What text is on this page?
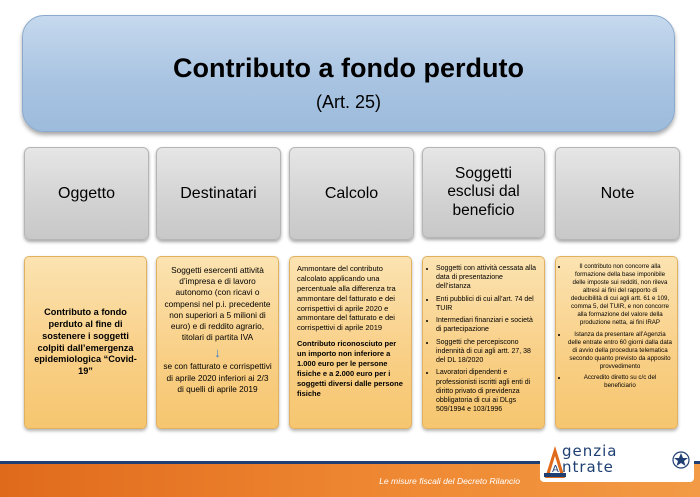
Contributo a fondo perduto
(Art. 25)
Oggetto	Destinatari	Calcolo
Soggetti esclusi dal beneficio
Note
Contributo a fondo perduto al fine di sostenere i soggetti colpiti dall’emergenza epidemiologica “Covid-19”
Soggetti esercenti attività d’impresa e di lavoro autonomo (con ricavi o compensi nel p.i. precedente non superiori a 5 milioni di euro) e di reddito agrario, titolari di partita IVA
↓
se con fatturato e corrispettivi di aprile 2020 inferiori ai 2/3 di quelli di aprile 2019

Ammontare del contributo calcolato applicando una percentuale alla differenza tra ammontare del fatturato e dei corrispettivi di aprile 2020 e ammontare del fatturato e dei corrispettivi di aprile 2019

Contributo riconosciuto per un importo non inferiore a 1.000 euro per le persone fisiche e a 2.000 euro per i soggetti diversi dalle persone fisiche

• Soggetti con attività cessata alla data di presentazione dell’istanza
• Enti pubblici di cui all’art. 74 del TUIR
• Intermediari finanziari e società di partecipazione
• Soggetti che percepiscono indennità di cui agli artt. 27, 38 del DL 18/2020
• Lavoratori dipendenti e professionisti iscritti agli enti di diritto privato di previdenza obbligatoria di cui ai DLgs 509/1994 e 103/1996
• Il contributo non concorre alla formazione della base imponibile delle imposte sui redditi, non rileva altresì ai fini del rapporto di deducibilità di cui agli artt. 61 e 109, comma 5, del TUIR, e non concorre alla formazione del valore della produzione netta, ai fini IRAP
• Istanza da presentare all’Agenzia delle entrate entro 60 giorni dalla data di avvio della procedura telematica secondo quanto previsto da apposito provvedimento
• Accredito diretto su c/c del beneficiario
Le misure fiscali del Decreto Rilancio
A
genzia
ntrate
